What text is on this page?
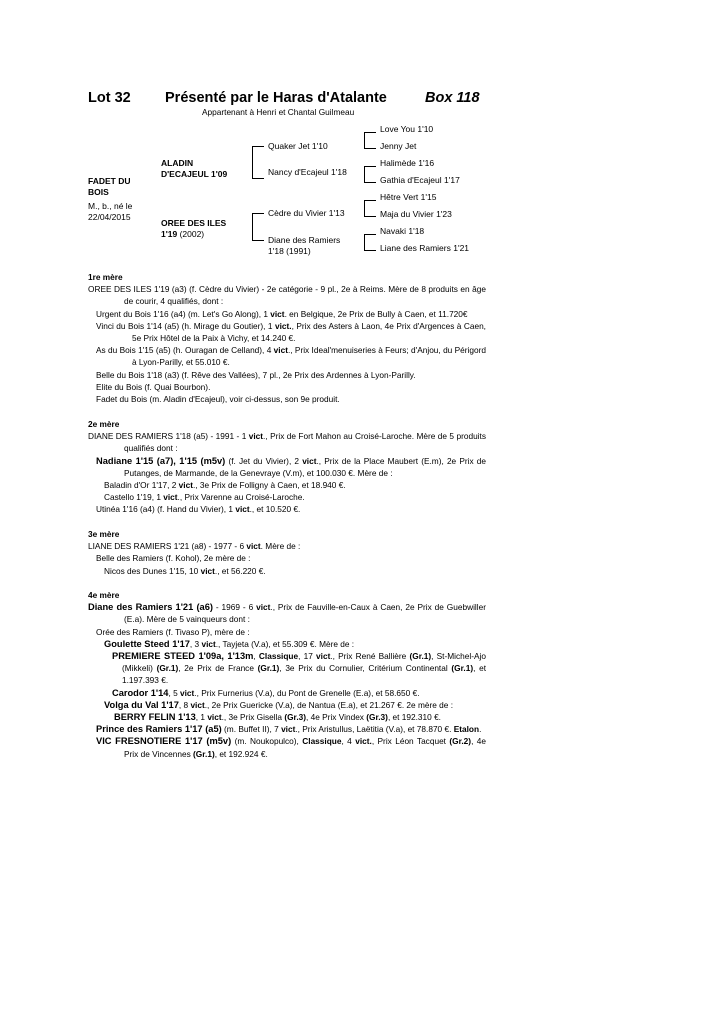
Lot 32 Présenté par le Haras d'Atalante	Box 118
Appartenant à Henri et Chantal Guilmeau
FADET DU
BOIS
M., b., né le
22/04/2015
ALADIN
D'ECAJEUL 1'09
OREE DES ILES
1'19 (2002)
Quaker Jet 1'10
Nancy d'Ecajeul 1'18
Cèdre du Vivier 1'13
Diane des Ramiers
1'18 (1991)
Love You 1'10
Jenny Jet
Halimède 1'16
Gathia d'Ecajeul 1'17
Hêtre Vert 1'15
Maja du Vivier 1'23
Navaki 1'18
Liane des Ramiers 1'21

1re mère

OREE DES ILES 1'19 (a3) (f. Cèdre du Vivier) - 2e catégorie - 9 pl., 2e à Reims. Mère de 8 produits en âge de courir, 4 qualifiés, dont :

Urgent du Bois 1'16 (a4) (m. Let's Go Along), 1 vict. en Belgique, 2e Prix de Bully à Caen, et 11.720€

Vinci du Bois 1'14 (a5) (h. Mirage du Goutier), 1 vict., Prix des Asters à Laon, 4e Prix d'Argences à Caen, 5e Prix Hôtel de la Paix à Vichy, et 14.240 €.

As du Bois 1'15 (a5) (h. Ouragan de Celland), 4 vict., Prix Ideal'menuiseries à Feurs; d'Anjou, du Périgord à Lyon-Parilly, et 55.010 €.

Belle du Bois 1'18 (a3) (f. Rêve des Vallées), 7 pl., 2e Prix des Ardennes à Lyon-Parilly.

Elite du Bois (f. Quai Bourbon).

Fadet du Bois (m. Aladin d'Ecajeul), voir ci-dessus, son 9e produit.

2e mère

DIANE DES RAMIERS 1'18 (a5) - 1991 - 1 vict., Prix de Fort Mahon au Croisé-Laroche. Mère de 5 produits qualifiés dont :

Nadiane 1'15 (a7), 1'15 (m5v) (f. Jet du Vivier), 2 vict., Prix de la Place Maubert (E.m), 2e Prix de Putanges, de Marmande, de la Genevraye (V.m), et 100.030 €. Mère de :

Baladin d'Or 1'17, 2 vict., 3e Prix de Folligny à Caen, et 18.940 €.

Castello 1'19, 1 vict., Prix Varenne au Croisé-Laroche.

Utinéa 1'16 (a4) (f. Hand du Vivier), 1 vict., et 10.520 €.

3e mère

LIANE DES RAMIERS 1'21 (a8) - 1977 - 6 vict. Mère de :

Belle des Ramiers (f. Kohol), 2e mère de :

Nicos des Dunes 1'15, 10 vict., et 56.220 €.

4e mère

Diane des Ramiers 1'21 (a6) - 1969 - 6 vict., Prix de Fauville-en-Caux à Caen, 2e Prix de Guebwiller (E.a). Mère de 5 vainqueurs dont :

Orée des Ramiers (f. Tivaso P), mère de :

Goulette Steed 1'17, 3 vict., Tayjeta (V.a), et 55.309 €. Mère de :

PREMIERE STEED 1'09a, 1'13m, Classique, 17 vict., Prix René Ballière (Gr.1), St-Michel-Ajo (Mikkeli) (Gr.1), 2e Prix de France (Gr.1), 3e Prix du Cornulier, Critérium Continental (Gr.1), et 1.197.393 €.

Carodor 1'14, 5 vict., Prix Furnerius (V.a), du Pont de Grenelle (E.a), et 58.650 €.

Volga du Val 1'17, 8 vict., 2e Prix Guericke (V.a), de Nantua (E.a), et 21.267 €. 2e mère de :

BERRY FELIN 1'13, 1 vict., 3e Prix Gisella (Gr.3), 4e Prix Vindex (Gr.3), et 192.310 €.

Prince des Ramiers 1'17 (a5) (m. Buffet II), 7 vict., Prix Aristullus, Laëtitia (V.a), et 78.870 €. Etalon.

VIC FRESNOTIERE 1'17 (m5v) (m. Noukopulco), Classique, 4 vict., Prix Léon Tacquet (Gr.2), 4e Prix de Vincennes (Gr.1), et 192.924 €.
